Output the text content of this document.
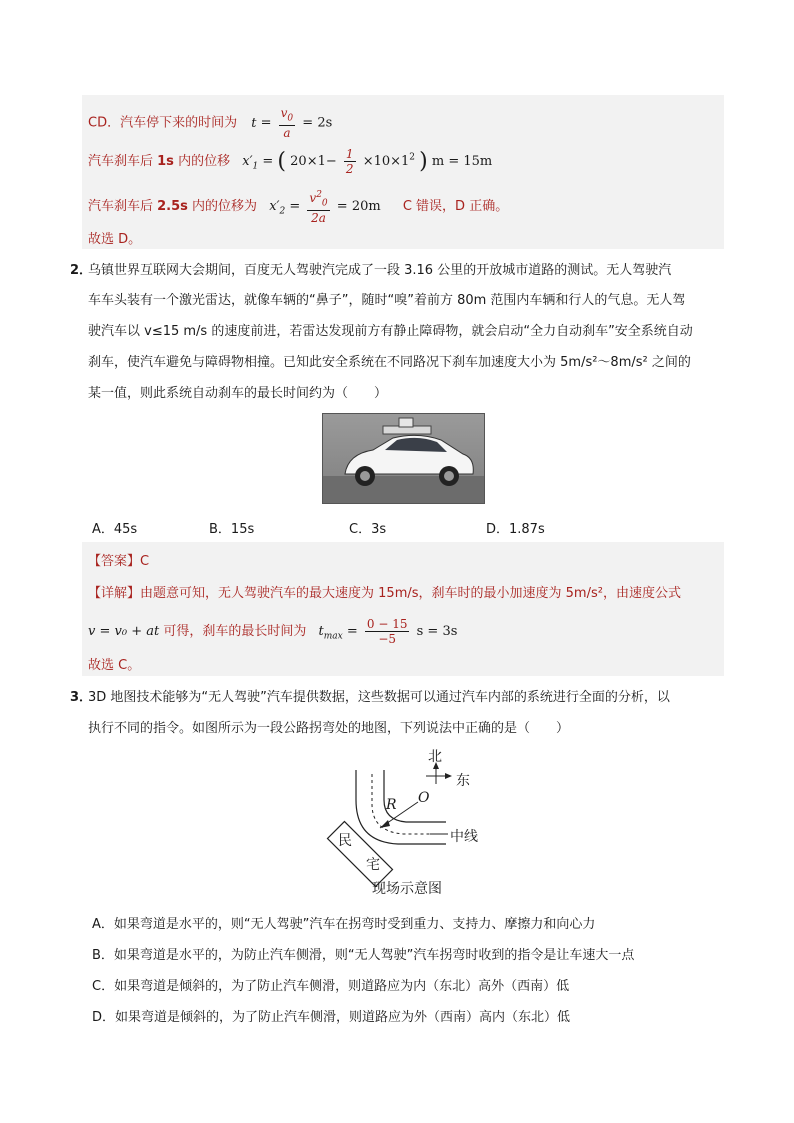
CD．汽车停下来的时间为 $t = \frac{v_0}{a} = 2s$
汽车刹车后 1s 内的位移 $x'_1$ = ( $20\times 1- \frac{1}{2} \times 10\times 1^2$ ) m = 15m
汽车刹车后 2.5s 内的位移为 $x'_2 = \frac{v^2_0}{2a} = 20m$ C 错误，D 正确。
故选 D。
2．
乌镇世界互联网大会期间，百度无人驾驶汽完成了一段 3.16 公里的开放城市道路的测试。无人驾驶汽
车车头装有一个激光雷达，就像车辆的“鼻子”，随时“嗅”着前方 80m 范围内车辆和行人的气息。无人驾
驶汽车以 v≤15 m/s 的速度前进，若雷达发现前方有静止障碍物，就会启动“全力自动刹车”安全系统自动
刹车，使汽车避免与障碍物相撞。已知此安全系统在不同路况下刹车加速度大小为 5m/s²～8m/s² 之间的
某一值，则此系统自动刹车的最长时间约为（　　）
A．45s	B．15s	C．3s	D．1.87s
【答案】C
【详解】由题意可知，无人驾驶汽车的最大速度为 15m/s，刹车时的最小加速度为 5m/s²，由速度公式
v = v₀ + at 可得，刹车的最长时间为 $t_{max} = \frac{0 - 15}{-5}$ s = 3s
故选 C。
3．
3D 地图技术能够为“无人驾驶”汽车提供数据，这些数据可以通过汽车内部的系统进行全面的分析，以
执行不同的指令。如图所示为一段公路拐弯处的地图，下列说法中正确的是（　　）
北
东
R O
中线
民
宅
现场示意图
A．如果弯道是水平的，则“无人驾驶”汽车在拐弯时受到重力、支持力、摩擦力和向心力
B．如果弯道是水平的，为防止汽车侧滑，则“无人驾驶”汽车拐弯时收到的指令是让车速大一点
C．如果弯道是倾斜的，为了防止汽车侧滑，则道路应为内（东北）高外（西南）低
D．如果弯道是倾斜的，为了防止汽车侧滑，则道路应为外（西南）高内（东北）低
